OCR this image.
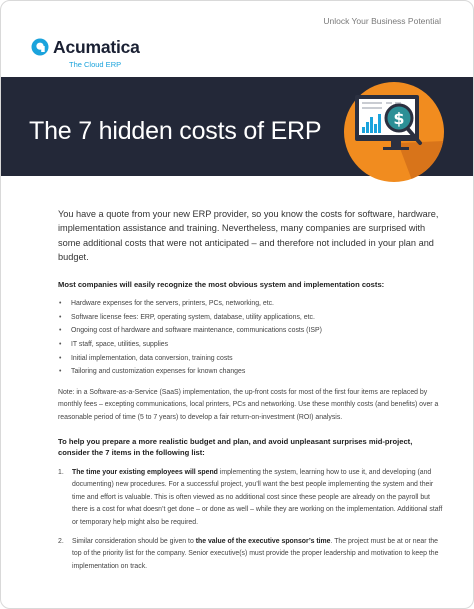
Unlock Your Business Potential
Acumatica
The Cloud ERP
The 7 hidden costs of ERP	$

You have a quote from your new ERP provider, so you know the costs for software, hardware, implementation assistance and training. Nevertheless, many companies are surprised with some additional costs that were not anticipated – and therefore not included in your plan and budget.

Most companies will easily recognize the most obvious system and implementation costs:

• Hardware expenses for the servers, printers, PCs, networking, etc.
• Software license fees: ERP, operating system, database, utility applications, etc.
• Ongoing cost of hardware and software maintenance, communications costs (ISP)
• IT staff, space, utilities, supplies
• Initial implementation, data conversion, training costs
• Tailoring and customization expenses for known changes

Note: in a Software-as-a-Service (SaaS) implementation, the up-front costs for most of the first four items are replaced by monthly fees – excepting communications, local printers, PCs and networking. Use these monthly costs (and benefits) over a reasonable period of time (5 to 7 years) to develop a fair return-on-investment (ROI) analysis.

To help you prepare a more realistic budget and plan, and avoid unpleasant surprises mid-project, consider the 7 items in the following list:

1. The time your existing employees will spend implementing the system, learning how to use it, and developing (and documenting) new procedures. For a successful project, you’ll want the best people implementing the system and their time and effort is valuable. This is often viewed as no additional cost since these people are already on the payroll but there is a cost for what doesn’t get done – or done as well – while they are working on the implementation. Additional staff or temporary help might also be required.
2. Similar consideration should be given to the value of the executive sponsor’s time. The project must be at or near the top of the priority list for the company. Senior executive(s) must provide the proper leadership and motivation to keep the implementation on track.
